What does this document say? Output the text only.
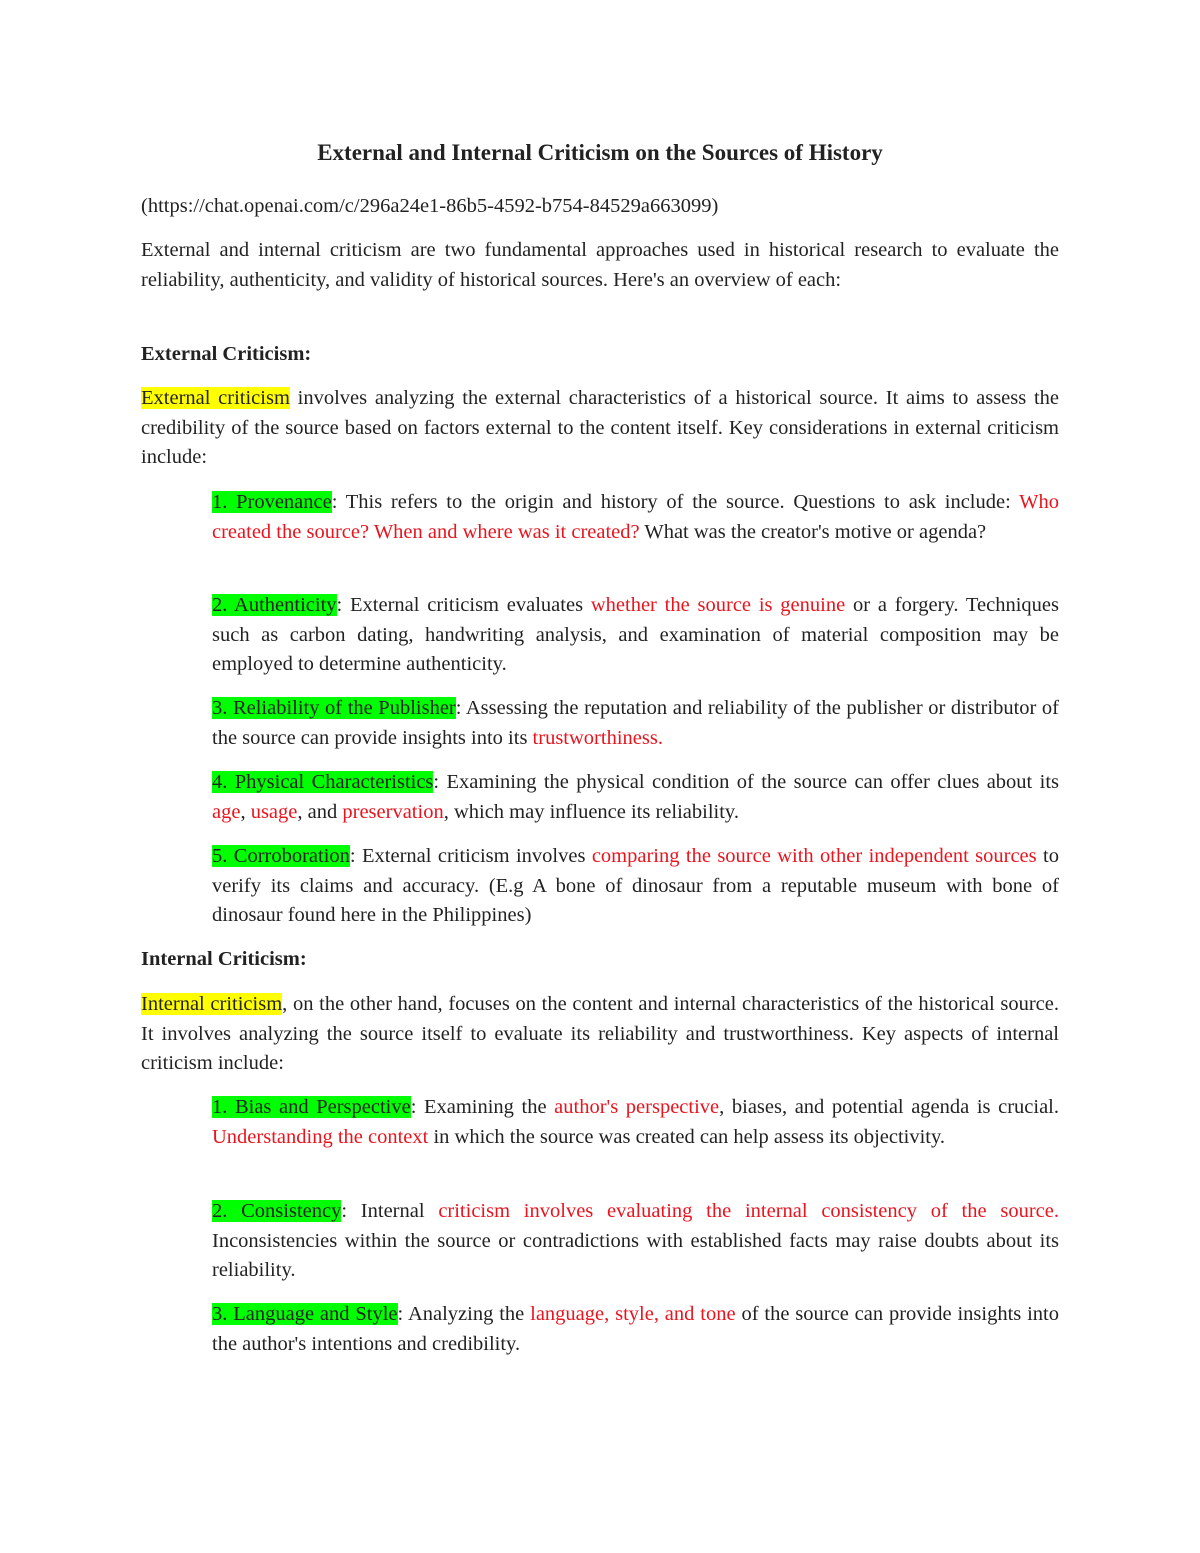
External and Internal Criticism on the Sources of History

(https://chat.openai.com/c/296a24e1-86b5-4592-b754-84529a663099)

External and internal criticism are two fundamental approaches used in historical research to evaluate the reliability, authenticity, and validity of historical sources. Here's an overview of each:

External Criticism:

External criticism involves analyzing the external characteristics of a historical source. It aims to assess the credibility of the source based on factors external to the content itself. Key considerations in external criticism include:

1. Provenance: This refers to the origin and history of the source. Questions to ask include: Who created the source? When and where was it created? What was the creator's motive or agenda?

2. Authenticity: External criticism evaluates whether the source is genuine or a forgery. Techniques such as carbon dating, handwriting analysis, and examination of material composition may be employed to determine authenticity.

3. Reliability of the Publisher: Assessing the reputation and reliability of the publisher or distributor of the source can provide insights into its trustworthiness.

4. Physical Characteristics: Examining the physical condition of the source can offer clues about its age, usage, and preservation, which may influence its reliability.

5. Corroboration: External criticism involves comparing the source with other independent sources to verify its claims and accuracy. (E.g A bone of dinosaur from a reputable museum with bone of dinosaur found here in the Philippines)

Internal Criticism:

Internal criticism, on the other hand, focuses on the content and internal characteristics of the historical source. It involves analyzing the source itself to evaluate its reliability and trustworthiness. Key aspects of internal criticism include:

1. Bias and Perspective: Examining the author's perspective, biases, and potential agenda is crucial. Understanding the context in which the source was created can help assess its objectivity.

2. Consistency: Internal criticism involves evaluating the internal consistency of the source. Inconsistencies within the source or contradictions with established facts may raise doubts about its reliability.

3. Language and Style: Analyzing the language, style, and tone of the source can provide insights into the author's intentions and credibility.
